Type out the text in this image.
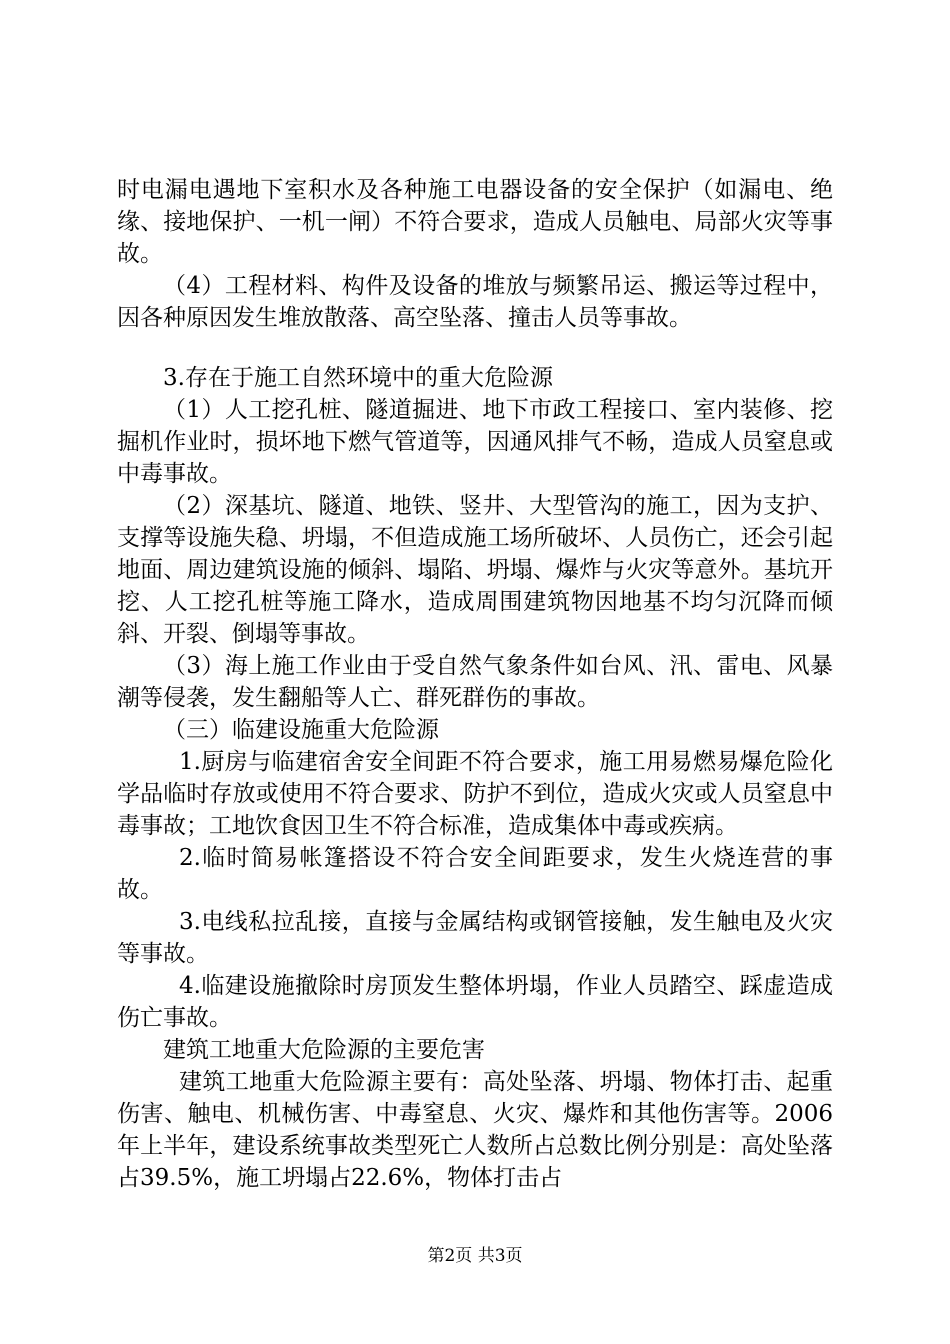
时电漏电遇地下室积水及各种施工电器设备的安全保护（如漏电、绝缘、接地保护、一机一闸）不符合要求，造成人员触电、局部火灾等事故。

（4）工程材料、构件及设备的堆放与频繁吊运、搬运等过程中，因各种原因发生堆放散落、高空坠落、撞击人员等事故。

3.存在于施工自然环境中的重大危险源

（1）人工挖孔桩、隧道掘进、地下市政工程接口、室内装修、挖掘机作业时，损坏地下燃气管道等，因通风排气不畅，造成人员窒息或中毒事故。

（2）深基坑、隧道、地铁、竖井、大型管沟的施工，因为支护、支撑等设施失稳、坍塌，不但造成施工场所破坏、人员伤亡，还会引起地面、周边建筑设施的倾斜、塌陷、坍塌、爆炸与火灾等意外。基坑开挖、人工挖孔桩等施工降水，造成周围建筑物因地基不均匀沉降而倾斜、开裂、倒塌等事故。

（3）海上施工作业由于受自然气象条件如台风、汛、雷电、风暴潮等侵袭，发生翻船等人亡、群死群伤的事故。

（三）临建设施重大危险源

1.厨房与临建宿舍安全间距不符合要求，施工用易燃易爆危险化学品临时存放或使用不符合要求、防护不到位，造成火灾或人员窒息中毒事故；工地饮食因卫生不符合标准，造成集体中毒或疾病。

2.临时简易帐篷搭设不符合安全间距要求，发生火烧连营的事故。

3.电线私拉乱接，直接与金属结构或钢管接触，发生触电及火灾等事故。

4.临建设施撤除时房顶发生整体坍塌，作业人员踏空、踩虚造成伤亡事故。

建筑工地重大危险源的主要危害

建筑工地重大危险源主要有：高处坠落、坍塌、物体打击、起重伤害、触电、机械伤害、中毒窒息、火灾、爆炸和其他伤害等。2006年上半年，建设系统事故类型死亡人数所占总数比例分别是：高处坠落占39.5%，施工坍塌占22.6%，物体打击占

第2页 共3页
